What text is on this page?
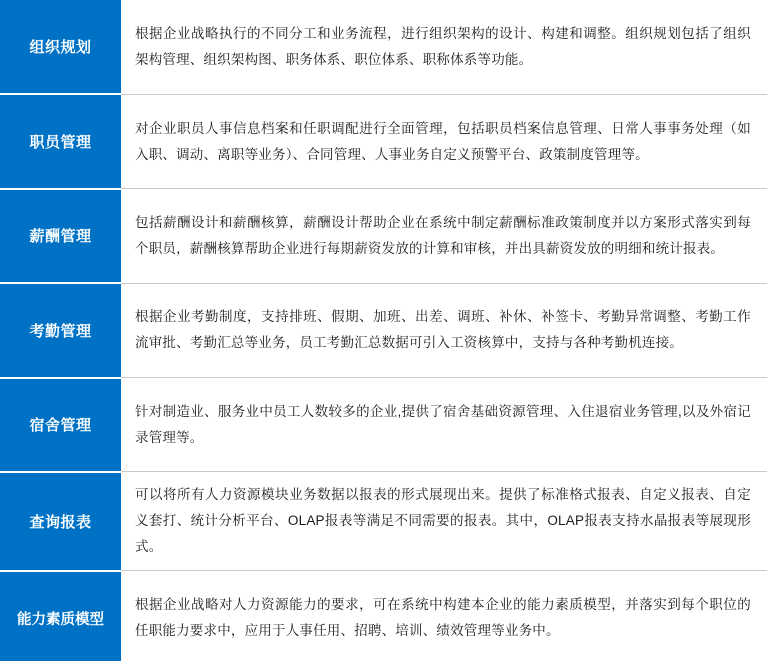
组织规划	根据企业战略执行的不同分工和业务流程，进行组织架构的设计、构建和调整。组织规划包括了组织架构管理、组织架构图、职务体系、职位体系、职称体系等功能。

职员管理	对企业职员人事信息档案和任职调配进行全面管理，包括职员档案信息管理、日常人事事务处理（如入职、调动、离职等业务）、合同管理、人事业务自定义预警平台、政策制度管理等。

薪酬管理	包括薪酬设计和薪酬核算，薪酬设计帮助企业在系统中制定薪酬标准政策制度并以方案形式落实到每个职员，薪酬核算帮助企业进行每期薪资发放的计算和审核，并出具薪资发放的明细和统计报表。

考勤管理	根据企业考勤制度，支持排班、假期、加班、出差、调班、补休、补签卡、考勤异常调整、考勤工作流审批、考勤汇总等业务，员工考勤汇总数据可引入工资核算中，支持与各种考勤机连接。

宿舍管理	针对制造业、服务业中员工人数较多的企业,提供了宿舍基础资源管理、入住退宿业务管理,以及外宿记录管理等。

查询报表	可以将所有人力资源模块业务数据以报表的形式展现出来。提供了标准格式报表、自定义报表、自定义套打、统计分析平台、OLAP报表等满足不同需要的报表。其中，OLAP报表支持水晶报表等展现形式。

能力素质模型	根据企业战略对人力资源能力的要求，可在系统中构建本企业的能力素质模型，并落实到每个职位的任职能力要求中，应用于人事任用、招聘、培训、绩效管理等业务中。
